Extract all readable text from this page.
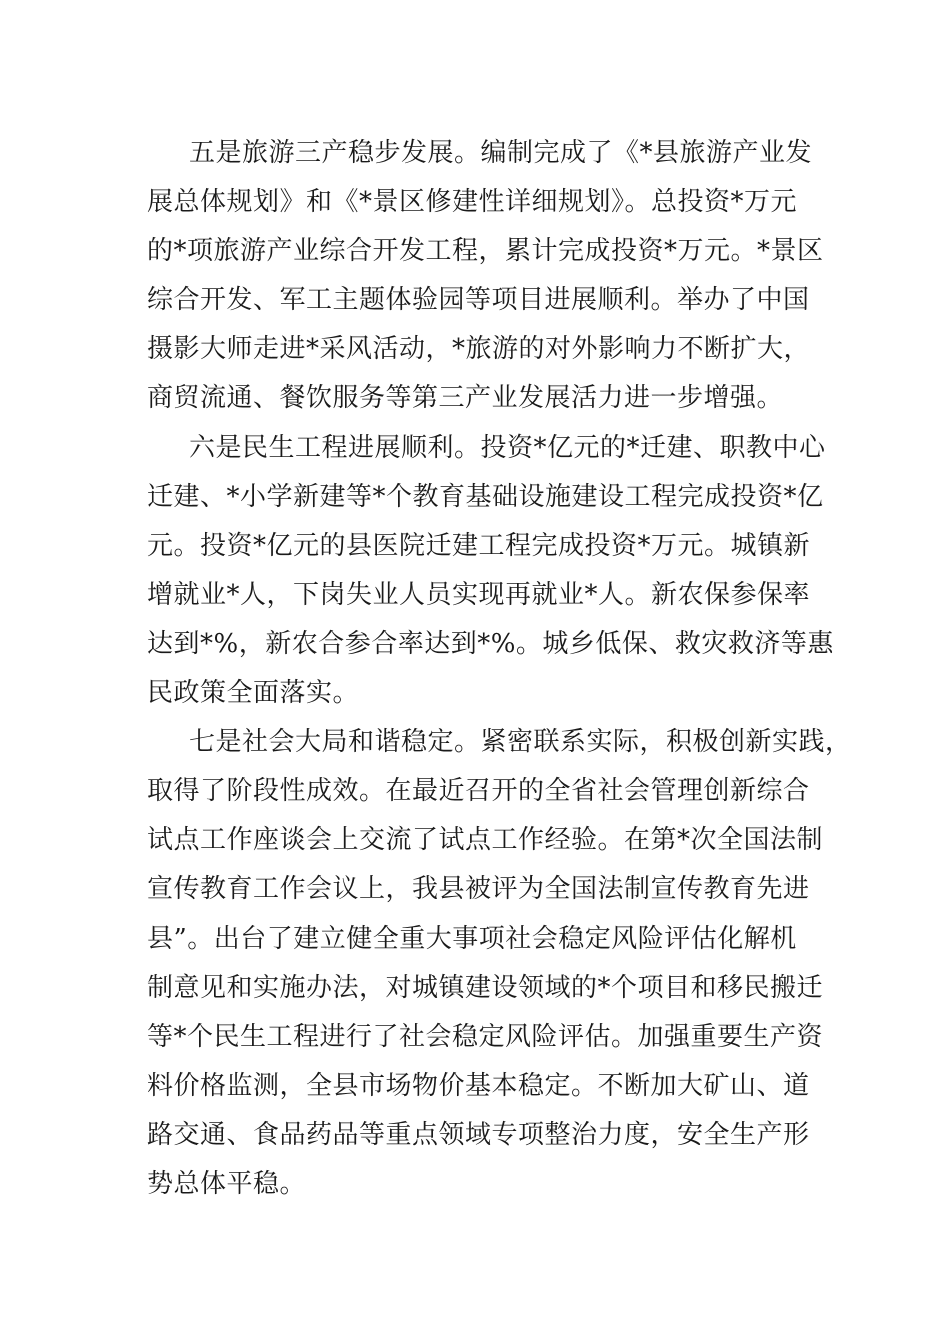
五是旅游三产稳步发展。编制完成了《*县旅游产业发
展总体规划》和《*景区修建性详细规划》。总投资*万元
的*项旅游产业综合开发工程，累计完成投资*万元。*景区
综合开发、军工主题体验园等项目进展顺利。举办了中国
摄影大师走进*采风活动，*旅游的对外影响力不断扩大，
商贸流通、餐饮服务等第三产业发展活力进一步增强。
六是民生工程进展顺利。投资*亿元的*迁建、职教中心
迁建、*小学新建等*个教育基础设施建设工程完成投资*亿
元。投资*亿元的县医院迁建工程完成投资*万元。城镇新
增就业*人，下岗失业人员实现再就业*人。新农保参保率
达到*%，新农合参合率达到*%。城乡低保、救灾救济等惠
民政策全面落实。
七是社会大局和谐稳定。紧密联系实际，积极创新实践，
取得了阶段性成效。在最近召开的全省社会管理创新综合
试点工作座谈会上交流了试点工作经验。在第*次全国法制
宣传教育工作会议上，我县被评为全国法制宣传教育先进
县”。出台了建立健全重大事项社会稳定风险评估化解机
制意见和实施办法，对城镇建设领域的*个项目和移民搬迁
等*个民生工程进行了社会稳定风险评估。加强重要生产资
料价格监测，全县市场物价基本稳定。不断加大矿山、道
路交通、食品药品等重点领域专项整治力度，安全生产形
势总体平稳。
